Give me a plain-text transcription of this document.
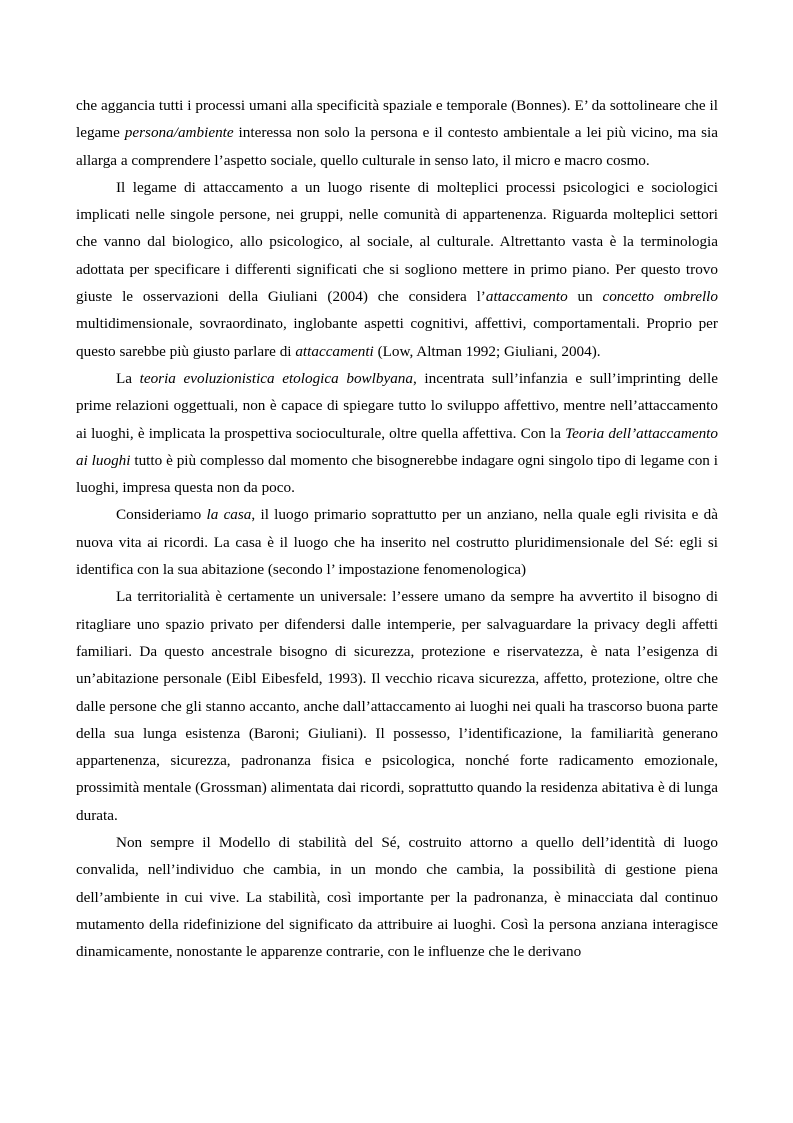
che aggancia tutti i processi umani alla specificità spaziale e temporale (Bonnes). E’ da sottolineare che il legame persona/ambiente interessa non solo la persona e il contesto ambientale a lei più vicino, ma sia allarga a comprendere l’aspetto sociale, quello culturale in senso lato, il micro e macro cosmo.

Il legame di attaccamento a un luogo risente di molteplici processi psicologici e sociologici implicati nelle singole persone, nei gruppi, nelle comunità di appartenenza. Riguarda molteplici settori che vanno dal biologico, allo psicologico, al sociale, al culturale. Altrettanto vasta è la terminologia adottata per specificare i differenti significati che si sogliono mettere in primo piano. Per questo trovo giuste le osservazioni della Giuliani (2004) che considera l’attaccamento un concetto ombrello multidimensionale, sovraordinato, inglobante aspetti cognitivi, affettivi, comportamentali. Proprio per questo sarebbe più giusto parlare di attaccamenti (Low, Altman 1992; Giuliani, 2004).

La teoria evoluzionistica etologica bowlbyana, incentrata sull’infanzia e sull’imprinting delle prime relazioni oggettuali, non è capace di spiegare tutto lo sviluppo affettivo, mentre nell’attaccamento ai luoghi, è implicata la prospettiva socioculturale, oltre quella affettiva. Con la Teoria dell’attaccamento ai luoghi tutto è più complesso dal momento che bisognerebbe indagare ogni singolo tipo di legame con i luoghi, impresa questa non da poco.

Consideriamo la casa, il luogo primario soprattutto per un anziano, nella quale egli rivisita e dà nuova vita ai ricordi. La casa è il luogo che ha inserito nel costrutto pluridimensionale del Sé: egli si identifica con la sua abitazione (secondo l’ impostazione fenomenologica)

La territorialità è certamente un universale: l’essere umano da sempre ha avvertito il bisogno di ritagliare uno spazio privato per difendersi dalle intemperie, per salvaguardare la privacy degli affetti familiari. Da questo ancestrale bisogno di sicurezza, protezione e riservatezza, è nata l’esigenza di un’abitazione personale (Eibl Eibesfeld, 1993). Il vecchio ricava sicurezza, affetto, protezione, oltre che dalle persone che gli stanno accanto, anche dall’attaccamento ai luoghi nei quali ha trascorso buona parte della sua lunga esistenza (Baroni; Giuliani). Il possesso, l’identificazione, la familiarità generano appartenenza, sicurezza, padronanza fisica e psicologica, nonché forte radicamento emozionale, prossimità mentale (Grossman) alimentata dai ricordi, soprattutto quando la residenza abitativa è di lunga durata.

Non sempre il Modello di stabilità del Sé, costruito attorno a quello dell’identità di luogo convalida, nell’individuo che cambia, in un mondo che cambia, la possibilità di gestione piena dell’ambiente in cui vive. La stabilità, così importante per la padronanza, è minacciata dal continuo mutamento della ridefinizione del significato da attribuire ai luoghi. Così la persona anziana interagisce dinamicamente, nonostante le apparenze contrarie, con le influenze che le derivano
